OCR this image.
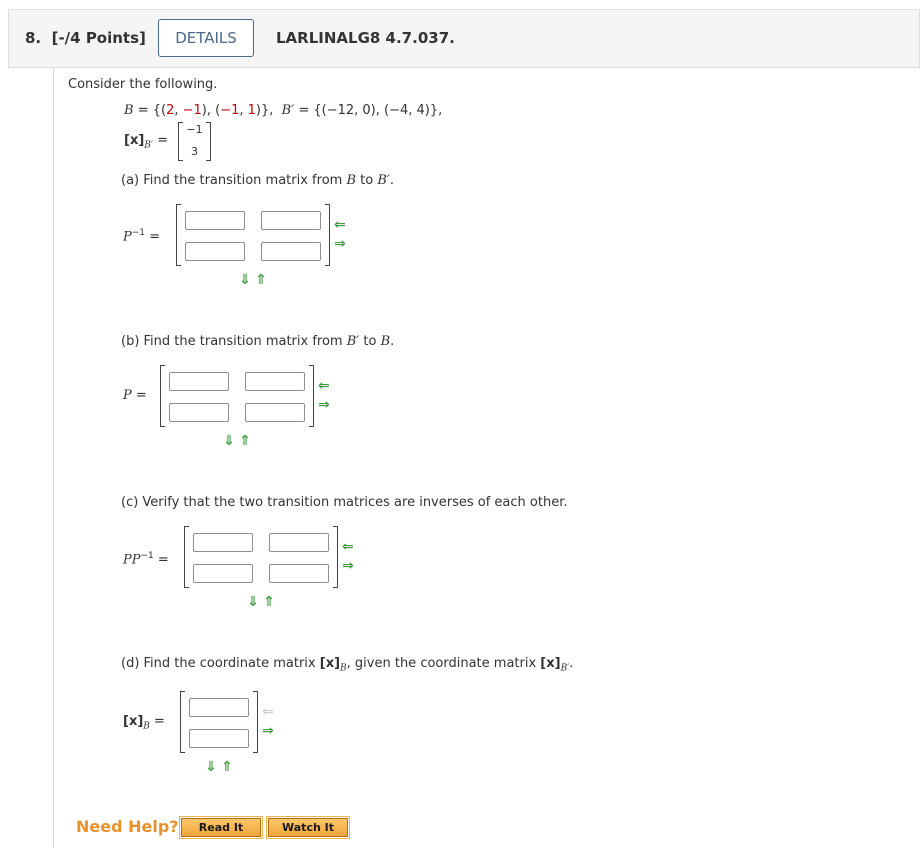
8. [-/4 Points]	DETAILS	LARLINALG8 4.7.037.
Consider the following.
B = {(2, −1), (−1, 1)}, B′ = {(−12, 0), (−4, 4)},
$[x]_{B'}$ =
−1
3
(a) Find the transition matrix from B to B′.
$P^{-1}$ =
⇐
⇒
⇓ ⇑
(b) Find the transition matrix from B′ to B.
P =
⇐
⇒
⇓ ⇑
(c) Verify that the two transition matrices are inverses of each other.
$PP^{-1}$ =
⇐
⇒
⇓ ⇑
(d) Find the coordinate matrix $[x]_B$, given the coordinate matrix $[x]_{B'}$.
$[x]_B$ =
⇐
⇒
⇓ ⇑
Need Help?	Read It	Watch It
